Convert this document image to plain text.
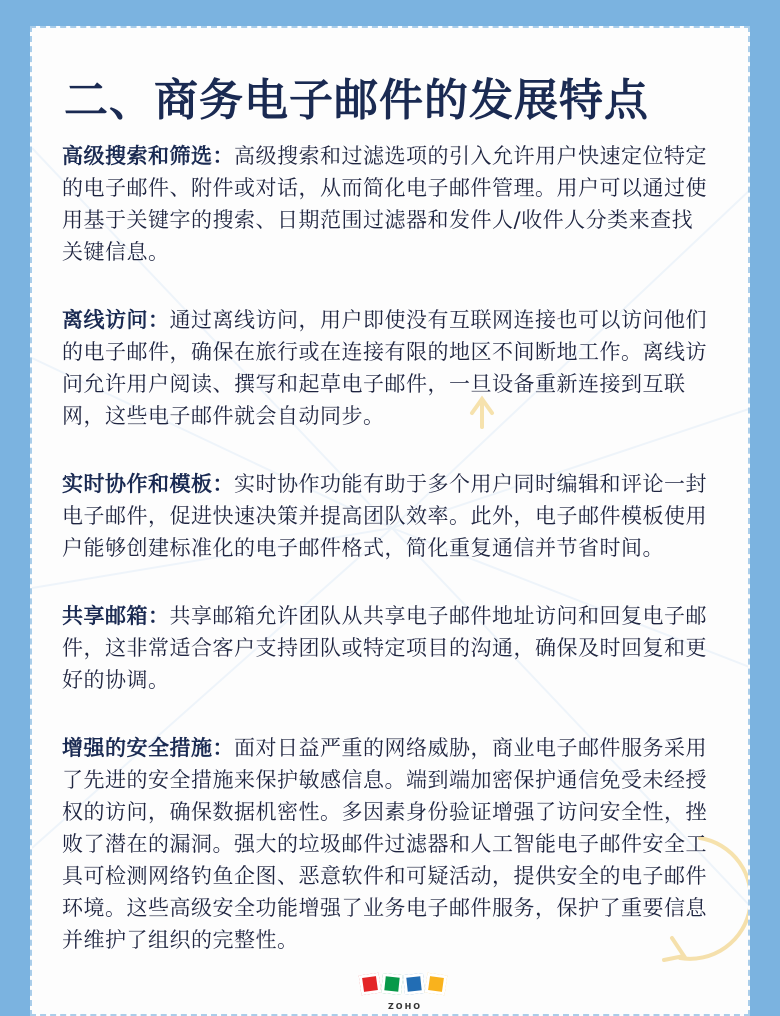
二、商务电子邮件的发展特点

高级搜索和筛选：高级搜索和过滤选项的引入允许用户快速定位特定的电子邮件、附件或对话，从而简化电子邮件管理。用户可以通过使用基于关键字的搜索、日期范围过滤器和发件人/收件人分类来查找关键信息。

离线访问：通过离线访问，用户即使没有互联网连接也可以访问他们的电子邮件，确保在旅行或在连接有限的地区不间断地工作。离线访问允许用户阅读、撰写和起草电子邮件，一旦设备重新连接到互联网，这些电子邮件就会自动同步。

实时协作和模板：实时协作功能有助于多个用户同时编辑和评论一封电子邮件，促进快速决策并提高团队效率。此外，电子邮件模板使用户能够创建标准化的电子邮件格式，简化重复通信并节省时间。

共享邮箱：共享邮箱允许团队从共享电子邮件地址访问和回复电子邮件，这非常适合客户支持团队或特定项目的沟通，确保及时回复和更好的协调。

增强的安全措施：面对日益严重的网络威胁，商业电子邮件服务采用了先进的安全措施来保护敏感信息。端到端加密保护通信免受未经授权的访问，确保数据机密性。多因素身份验证增强了访问安全性，挫败了潜在的漏洞。强大的垃圾邮件过滤器和人工智能电子邮件安全工具可检测网络钓鱼企图、恶意软件和可疑活动，提供安全的电子邮件环境。这些高级安全功能增强了业务电子邮件服务，保护了重要信息并维护了组织的完整性。

ZOHO
